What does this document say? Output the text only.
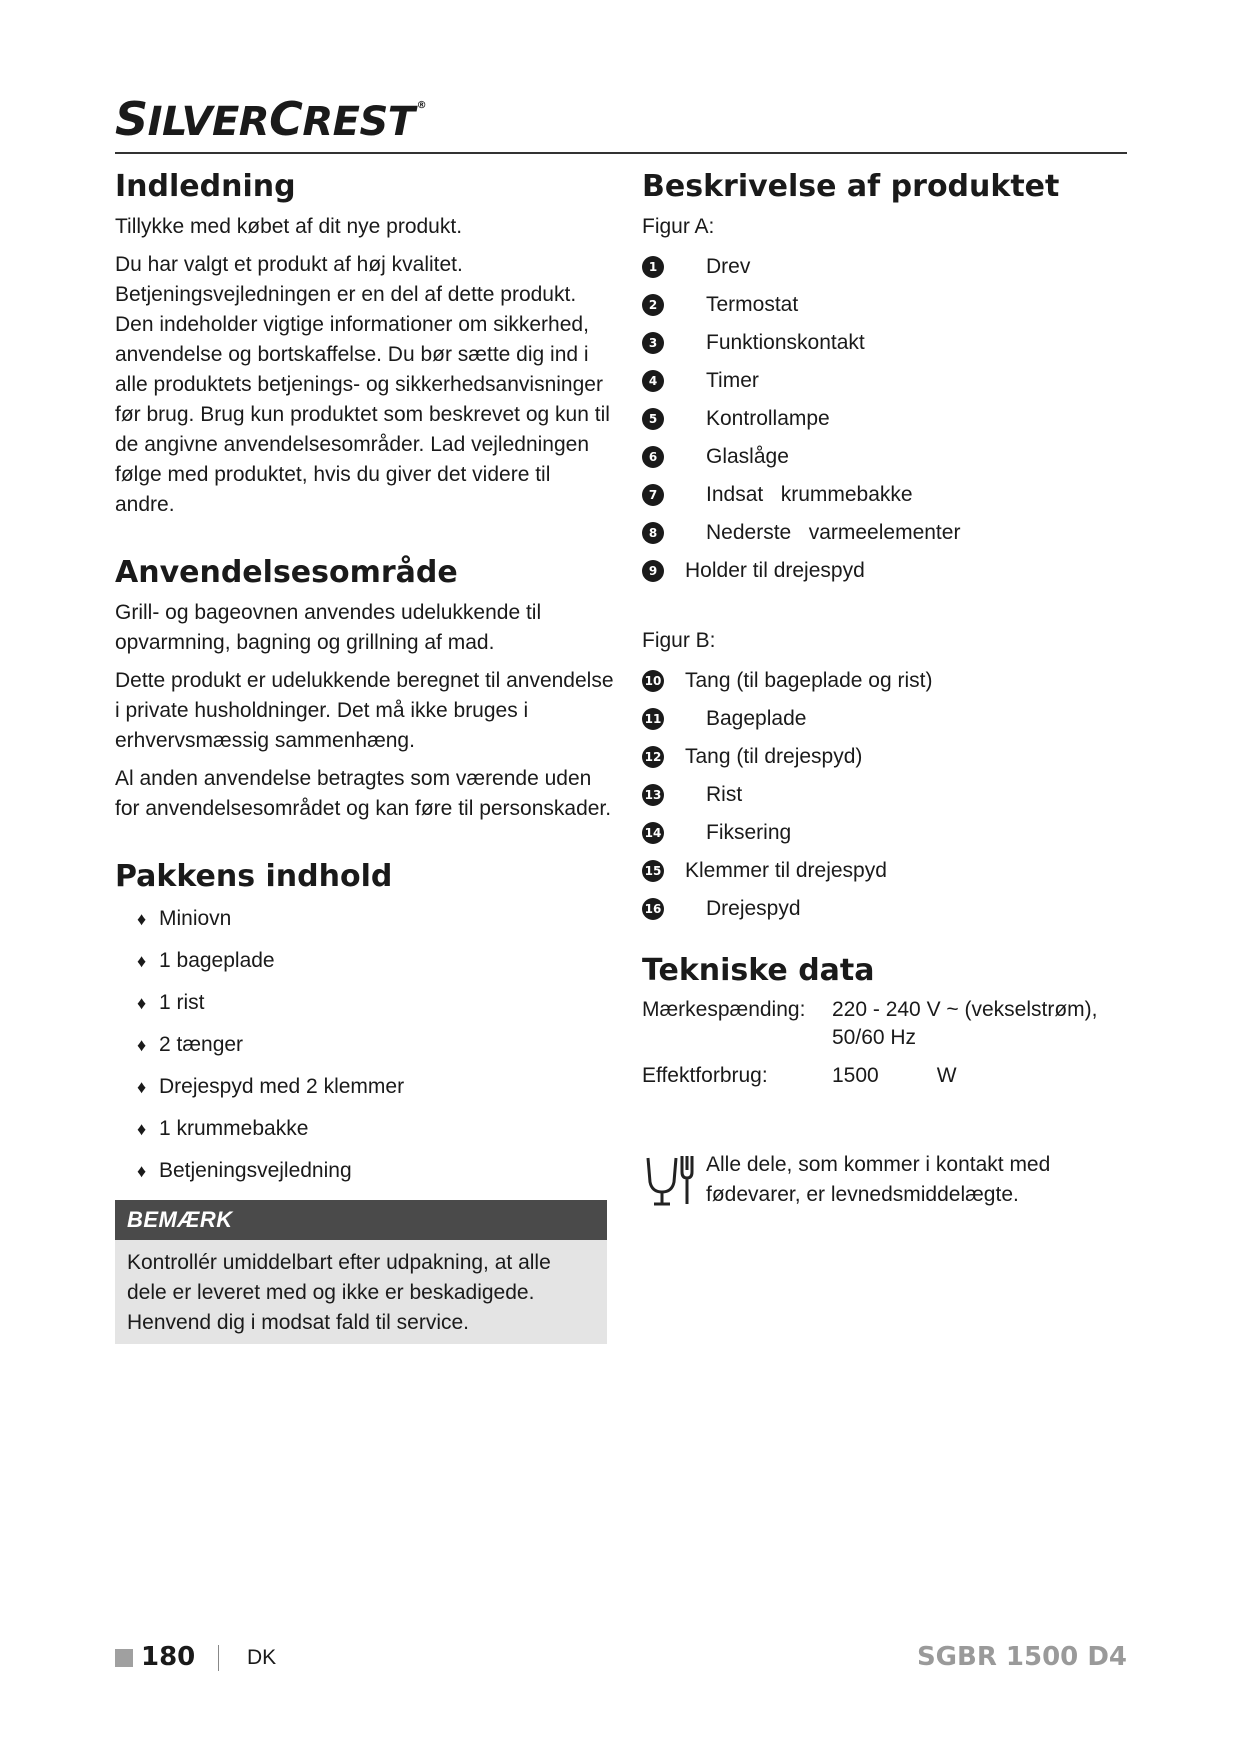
SILVERCREST ®
Indledning

Tillykke med købet af dit nye produkt.

Du har valgt et produkt af høj kvalitet. Betjeningsvejledningen er en del af dette produkt. Den indeholder vigtige informationer om sikkerhed, anvendelse og bortskaffelse. Du bør sætte dig ind i alle produktets betjenings- og sikkerhedsanvisninger før brug. Brug kun produktet som beskrevet og kun til de angivne anvendelsesområder. Lad vejledningen følge med produktet, hvis du giver det videre til andre.

Anvendelsesområde

Grill- og bageovnen anvendes udelukkende til opvarmning, bagning og grillning af mad.

Dette produkt er udelukkende beregnet til anvendelse i private husholdninger. Det må ikke bruges i erhvervsmæssig sammenhæng.

Al anden anvendelse betragtes som værende uden for anvendelsesområdet og kan føre til personskader.

Pakkens indhold
♦ Miniovn
♦ 1 bageplade
♦ 1 rist
♦ 2 tænger
♦ Drejespyd med 2 klemmer
♦ 1 krummebakke
♦ Betjeningsvejledning
BEMÆRK
Kontrollér umiddelbart efter udpakning, at alle dele er leveret med og ikke er beskadigede. Henvend dig i modsat fald til service.
Beskrivelse af produktet
Figur A:
1	Drev
2	Termostat
3	Funktionskontakt
4	Timer
5	Kontrollampe
6	Glaslåge
7	Indsat   krummebakke
8	Nederste   varmeelementer
9	Holder til drejespyd
Figur B:
10 Tang (til bageplade og rist)
11 Bageplade
12 Tang (til drejespyd)
13 Rist
14 Fiksering
15 Klemmer til drejespyd
16 Drejespyd
Tekniske data
Mærkespænding:	220 - 240 V ~ (vekselstrøm),
50/60 Hz
Effektforbrug:	1500	W
Alle dele, som kommer i kontakt med fødevarer, er levnedsmiddelægte.
180 DK	SGBR 1500 D4
